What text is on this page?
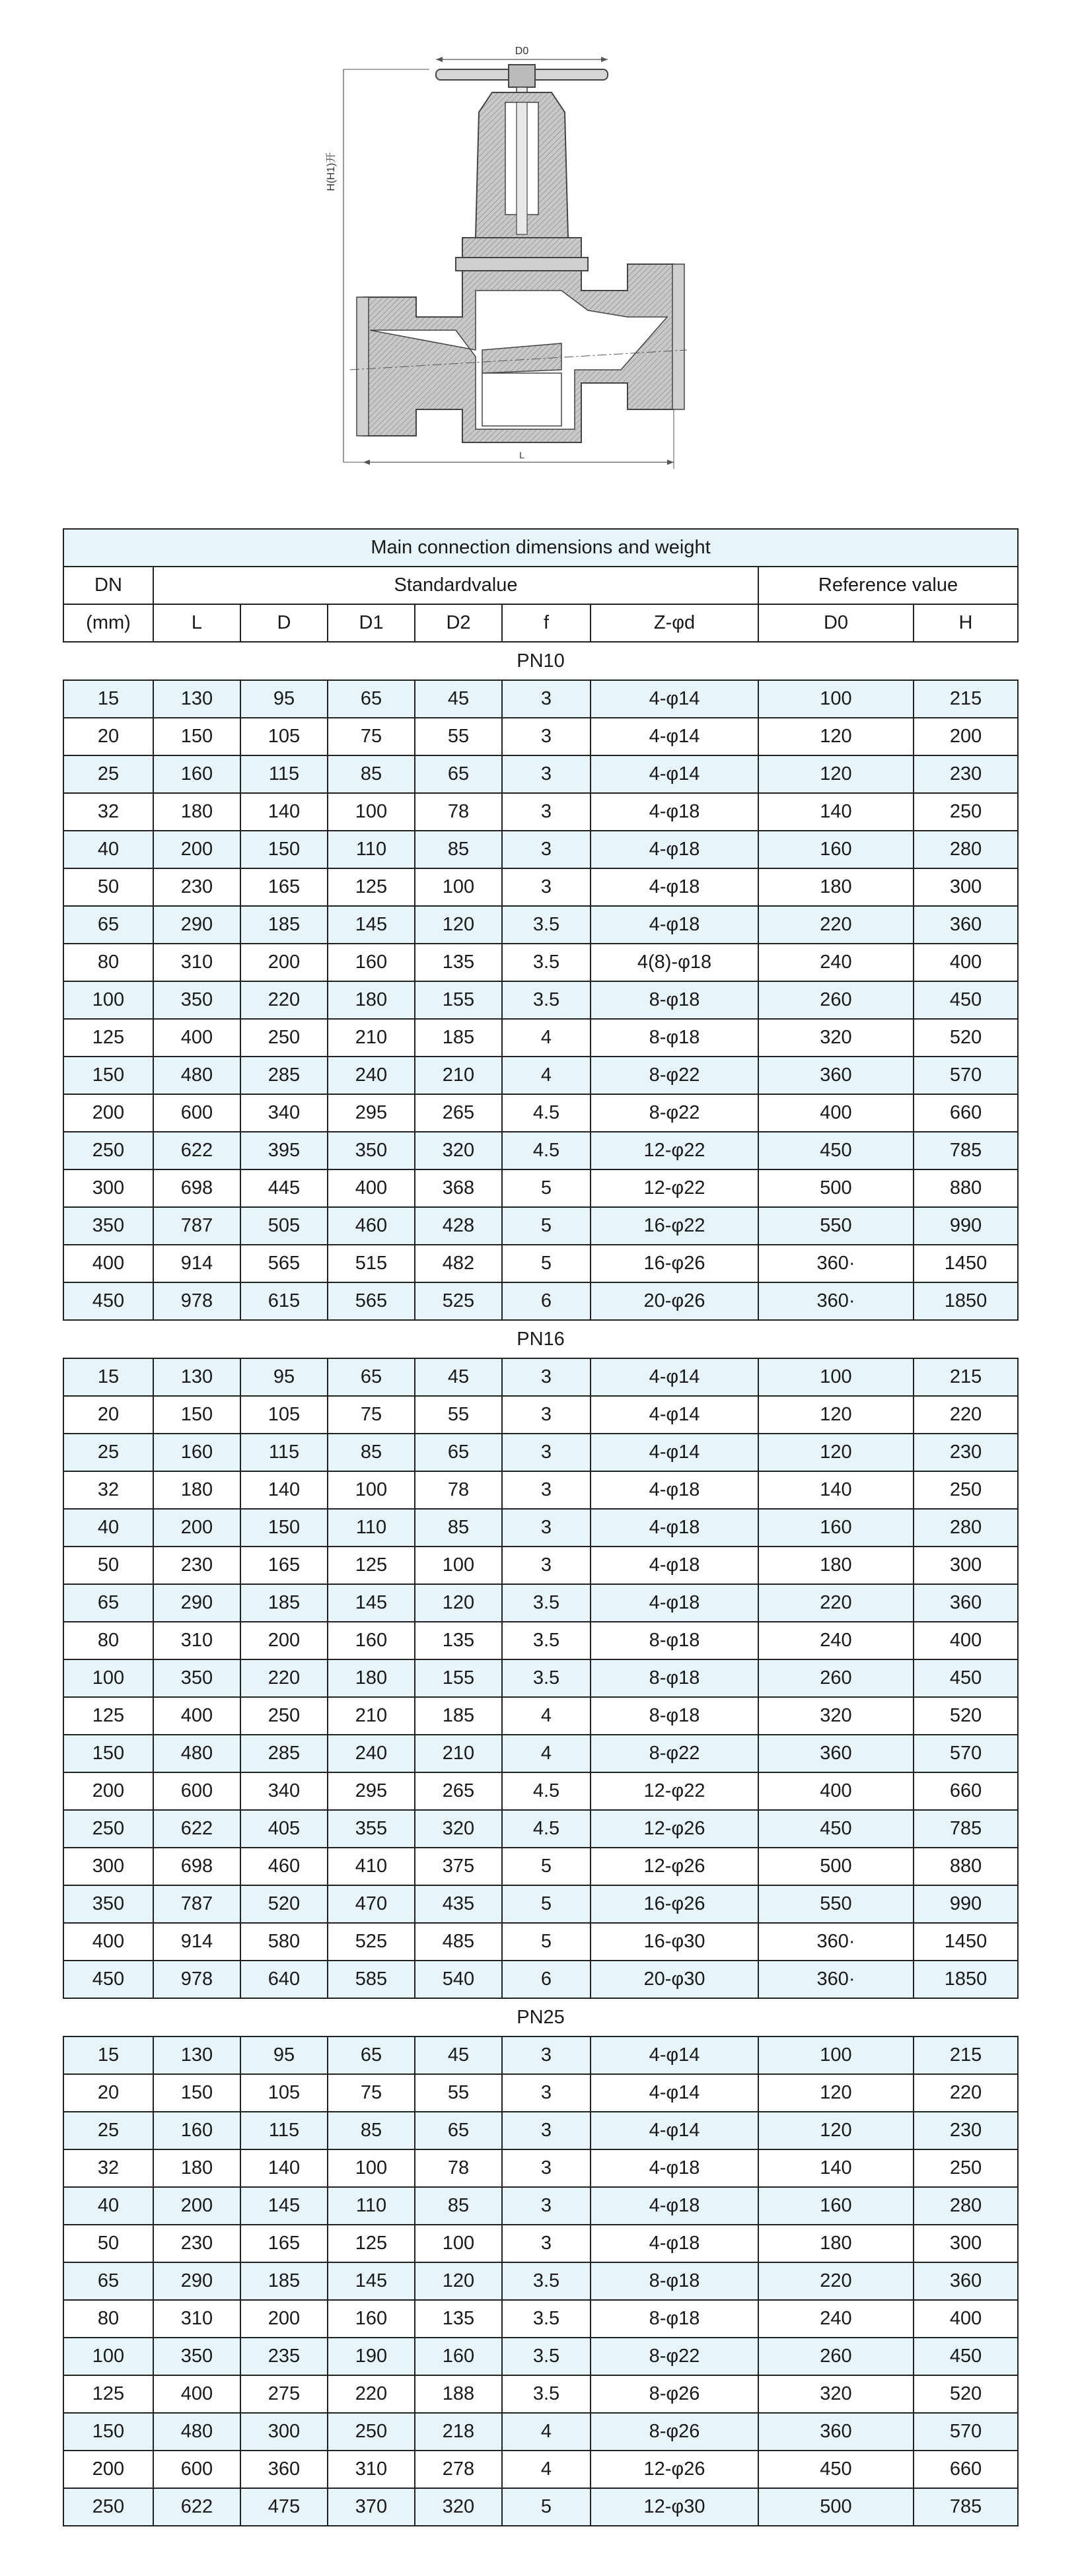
D0
H(H1)开
L
Main connection dimensions and weight								
DN	Standardvalue						Reference value	
(mm)	L	D	D1	D2	f	Z-φd	D0	H
PN10								
15	130	95	65	45	3	4-φ14	100	215
20	150	105	75	55	3	4-φ14	120	200
25	160	115	85	65	3	4-φ14	120	230
32	180	140	100	78	3	4-φ18	140	250
40	200	150	110	85	3	4-φ18	160	280
50	230	165	125	100	3	4-φ18	180	300
65	290	185	145	120	3.5	4-φ18	220	360
80	310	200	160	135	3.5	4(8)-φ18	240	400
100	350	220	180	155	3.5	8-φ18	260	450
125	400	250	210	185	4	8-φ18	320	520
150	480	285	240	210	4	8-φ22	360	570
200	600	340	295	265	4.5	8-φ22	400	660
250	622	395	350	320	4.5	12-φ22	450	785
300	698	445	400	368	5	12-φ22	500	880
350	787	505	460	428	5	16-φ22	550	990
400	914	565	515	482	5	16-φ26	360·	1450
450	978	615	565	525	6	20-φ26	360·	1850
PN16								
15	130	95	65	45	3	4-φ14	100	215
20	150	105	75	55	3	4-φ14	120	220
25	160	115	85	65	3	4-φ14	120	230
32	180	140	100	78	3	4-φ18	140	250
40	200	150	110	85	3	4-φ18	160	280
50	230	165	125	100	3	4-φ18	180	300
65	290	185	145	120	3.5	4-φ18	220	360
80	310	200	160	135	3.5	8-φ18	240	400
100	350	220	180	155	3.5	8-φ18	260	450
125	400	250	210	185	4	8-φ18	320	520
150	480	285	240	210	4	8-φ22	360	570
200	600	340	295	265	4.5	12-φ22	400	660
250	622	405	355	320	4.5	12-φ26	450	785
300	698	460	410	375	5	12-φ26	500	880
350	787	520	470	435	5	16-φ26	550	990
400	914	580	525	485	5	16-φ30	360·	1450
450	978	640	585	540	6	20-φ30	360·	1850
PN25								
15	130	95	65	45	3	4-φ14	100	215
20	150	105	75	55	3	4-φ14	120	220
25	160	115	85	65	3	4-φ14	120	230
32	180	140	100	78	3	4-φ18	140	250
40	200	145	110	85	3	4-φ18	160	280
50	230	165	125	100	3	4-φ18	180	300
65	290	185	145	120	3.5	8-φ18	220	360
80	310	200	160	135	3.5	8-φ18	240	400
100	350	235	190	160	3.5	8-φ22	260	450
125	400	275	220	188	3.5	8-φ26	320	520
150	480	300	250	218	4	8-φ26	360	570
200	600	360	310	278	4	12-φ26	450	660
250	622	475	370	320	5	12-φ30	500	785
